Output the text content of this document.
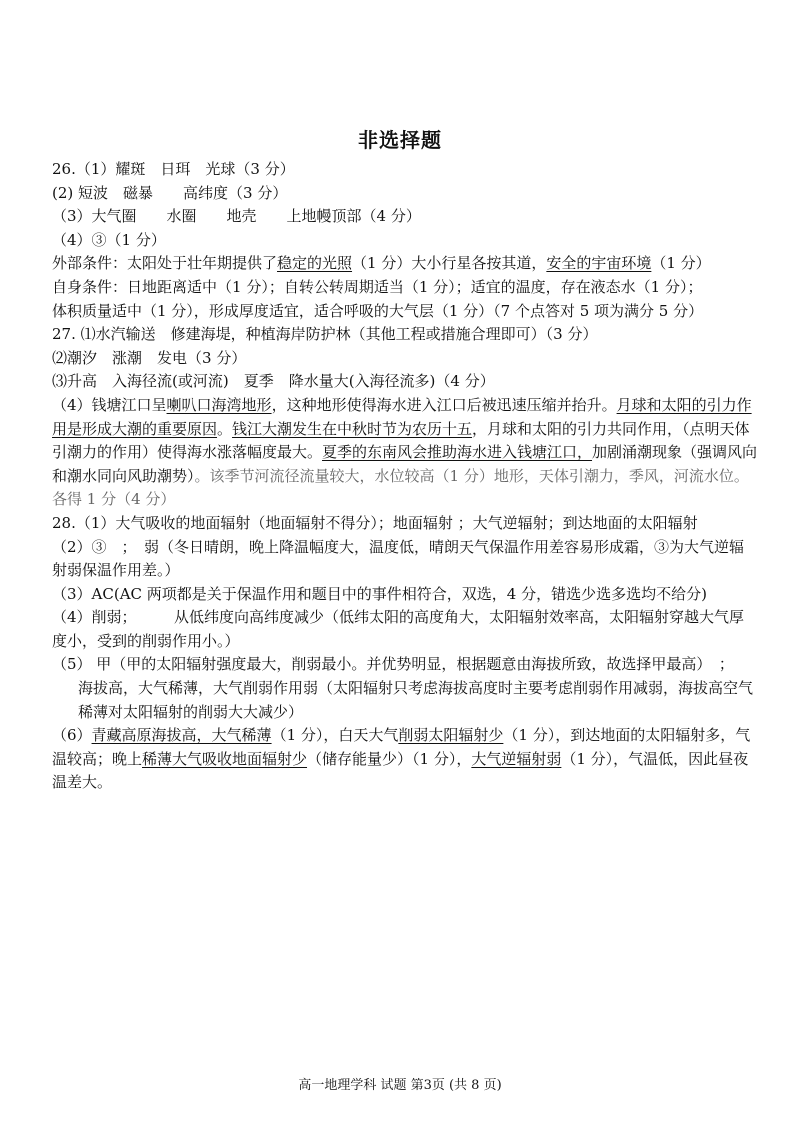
非选择题
26.（1）耀斑　日珥　光球（3 分）
(2) 短波　磁暴　　高纬度（3 分）
（3）大气圈　　水圈　　地壳　　上地幔顶部（4 分）
（4）③（1 分）
外部条件：太阳处于壮年期提供了稳定的光照（1 分）大小行星各按其道，安全的宇宙环境（1 分）
自身条件：日地距离适中（1 分）；自转公转周期适当（1 分）；适宜的温度，存在液态水（1 分）；
体积质量适中（1 分），形成厚度适宜，适合呼吸的大气层（1 分）（7 个点答对 5 项为满分 5 分）
27. ⑴水汽输送　修建海堤，种植海岸防护林（其他工程或措施合理即可）（3 分）
⑵潮汐　涨潮　发电（3 分）
⑶升高　入海径流(或河流)　夏季　降水量大(入海径流多)（4 分）
（4）钱塘江口呈喇叭口海湾地形，这种地形使得海水进入江口后被迅速压缩并抬升。月球和太阳的引力作用是形成大潮的重要原因。钱江大潮发生在中秋时节为农历十五，月球和太阳的引力共同作用，（点明天体引潮力的作用）使得海水涨落幅度最大。夏季的东南风会推助海水进入钱塘江口，加剧涌潮现象（强调风向和潮水同向风助潮势）。该季节河流径流量较大，水位较高（1 分）地形，天体引潮力，季风，河流水位。各得 1 分（4 分）
28.（1）大气吸收的地面辐射（地面辐射不得分）；地面辐射 ；大气逆辐射；到达地面的太阳辐射
（2）③　；　弱（冬日晴朗，晚上降温幅度大，温度低，晴朗天气保温作用差容易形成霜，③为大气逆辐射弱保温作用差。）
（3）AC(AC 两项都是关于保温作用和题目中的事件相符合，双选，4 分，错选少选多选均不给分)
（4）削弱；　　　从低纬度向高纬度减少（低纬太阳的高度角大，太阳辐射效率高，太阳辐射穿越大气厚度小，受到的削弱作用小。）
（5） 甲（甲的太阳辐射强度最大，削弱最小。并优势明显，根据题意由海拔所致，故选择甲最高）　；
海拔高，大气稀薄，大气削弱作用弱（太阳辐射只考虑海拔高度时主要考虑削弱作用减弱，海拔高空气稀薄对太阳辐射的削弱大大减少）
（6）青藏高原海拔高，大气稀薄（1 分），白天大气削弱太阳辐射少（1 分），到达地面的太阳辐射多，气温较高；晚上稀薄大气吸收地面辐射少（储存能量少）（1 分），大气逆辐射弱（1 分），气温低，因此昼夜温差大。
高一地理学科 试题 第3页 (共 8 页)
